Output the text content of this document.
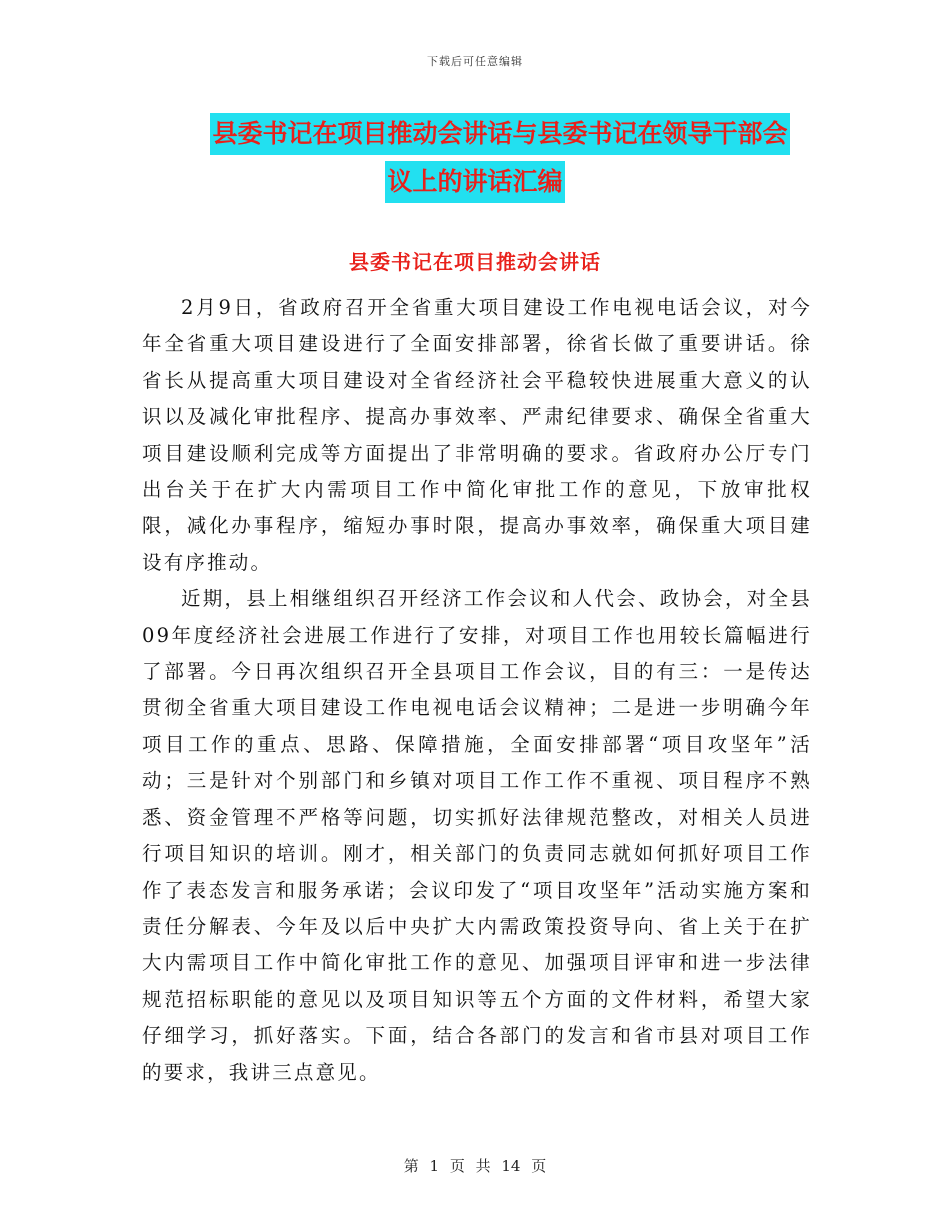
下载后可任意编辑
县委书记在项目推动会讲话与县委书记在领导干部会
议上的讲话汇编
县委书记在项目推动会讲话

2月9日，省政府召开全省重大项目建设工作电视电话会议，对今年全省重大项目建设进行了全面安排部署，徐省长做了重要讲话。徐省长从提高重大项目建设对全省经济社会平稳较快进展重大意义的认识以及减化审批程序、提高办事效率、严肃纪律要求、确保全省重大项目建设顺利完成等方面提出了非常明确的要求。省政府办公厅专门出台关于在扩大内需项目工作中简化审批工作的意见，下放审批权限，减化办事程序，缩短办事时限，提高办事效率，确保重大项目建设有序推动。

近期，县上相继组织召开经济工作会议和人代会、政协会，对全县09年度经济社会进展工作进行了安排，对项目工作也用较长篇幅进行了部署。今日再次组织召开全县项目工作会议，目的有三：一是传达贯彻全省重大项目建设工作电视电话会议精神；二是进一步明确今年项目工作的重点、思路、保障措施，全面安排部署“项目攻坚年”活动；三是针对个别部门和乡镇对项目工作工作不重视、项目程序不熟悉、资金管理不严格等问题，切实抓好法律规范整改，对相关人员进行项目知识的培训。刚才，相关部门的负责同志就如何抓好项目工作作了表态发言和服务承诺；会议印发了“项目攻坚年”活动实施方案和责任分解表、今年及以后中央扩大内需政策投资导向、省上关于在扩大内需项目工作中简化审批工作的意见、加强项目评审和进一步法律规范招标职能的意见以及项目知识等五个方面的文件材料，希望大家仔细学习，抓好落实。下面，结合各部门的发言和省市县对项目工作的要求，我讲三点意见。

第 1 页 共 14 页
